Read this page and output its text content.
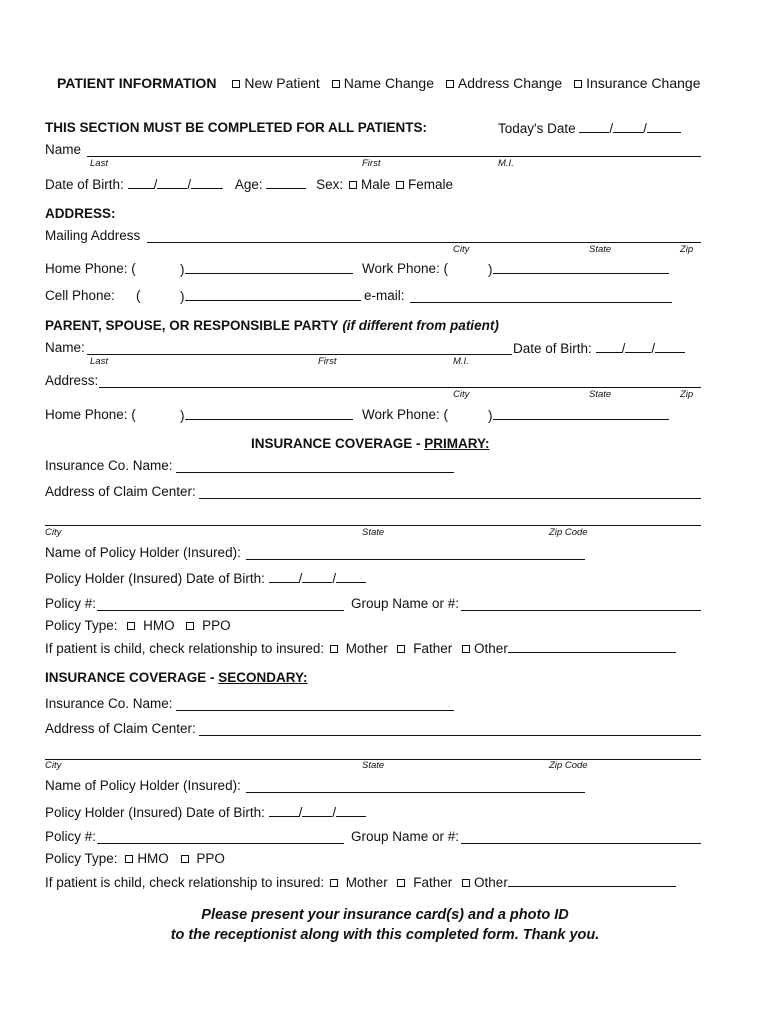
PATIENT INFORMATION New Patient Name Change Address Change Insurance Change
THIS SECTION MUST BE COMPLETED FOR ALL PATIENTS:	Today's Date	/ /
Name
Last	First	M.I.
Date of Birth: / /	Age:	Sex: Male Female
ADDRESS:
Mailing Address
City	State	Zip
Home Phone: (	)	Work Phone: (	)
Cell Phone: (	)	e-mail:
PARENT, SPOUSE, OR RESPONSIBLE PARTY (if different from patient)
Name:	Date of Birth: / /
Last	First	M.I.
Address:
City	State	Zip
Home Phone: (	)	Work Phone: (	)
INSURANCE COVERAGE - PRIMARY:
Insurance Co. Name:
Address of Claim Center:
City	State	Zip Code
Name of Policy Holder (Insured):
Policy Holder (Insured) Date of Birth:	/ /
Policy #:	Group Name or #:
Policy Type: HMO PPO
If patient is child, check relationship to insured: Mother Father Other
INSURANCE COVERAGE - SECONDARY:
Insurance Co. Name:
Address of Claim Center:
City	State	Zip Code
Name of Policy Holder (Insured):
Policy Holder (Insured) Date of Birth:	/ /
Policy #:	Group Name or #:
Policy Type: HMO PPO
If patient is child, check relationship to insured: Mother Father Other
Please present your insurance card(s) and a photo ID
to the receptionist along with this completed form. Thank you.
